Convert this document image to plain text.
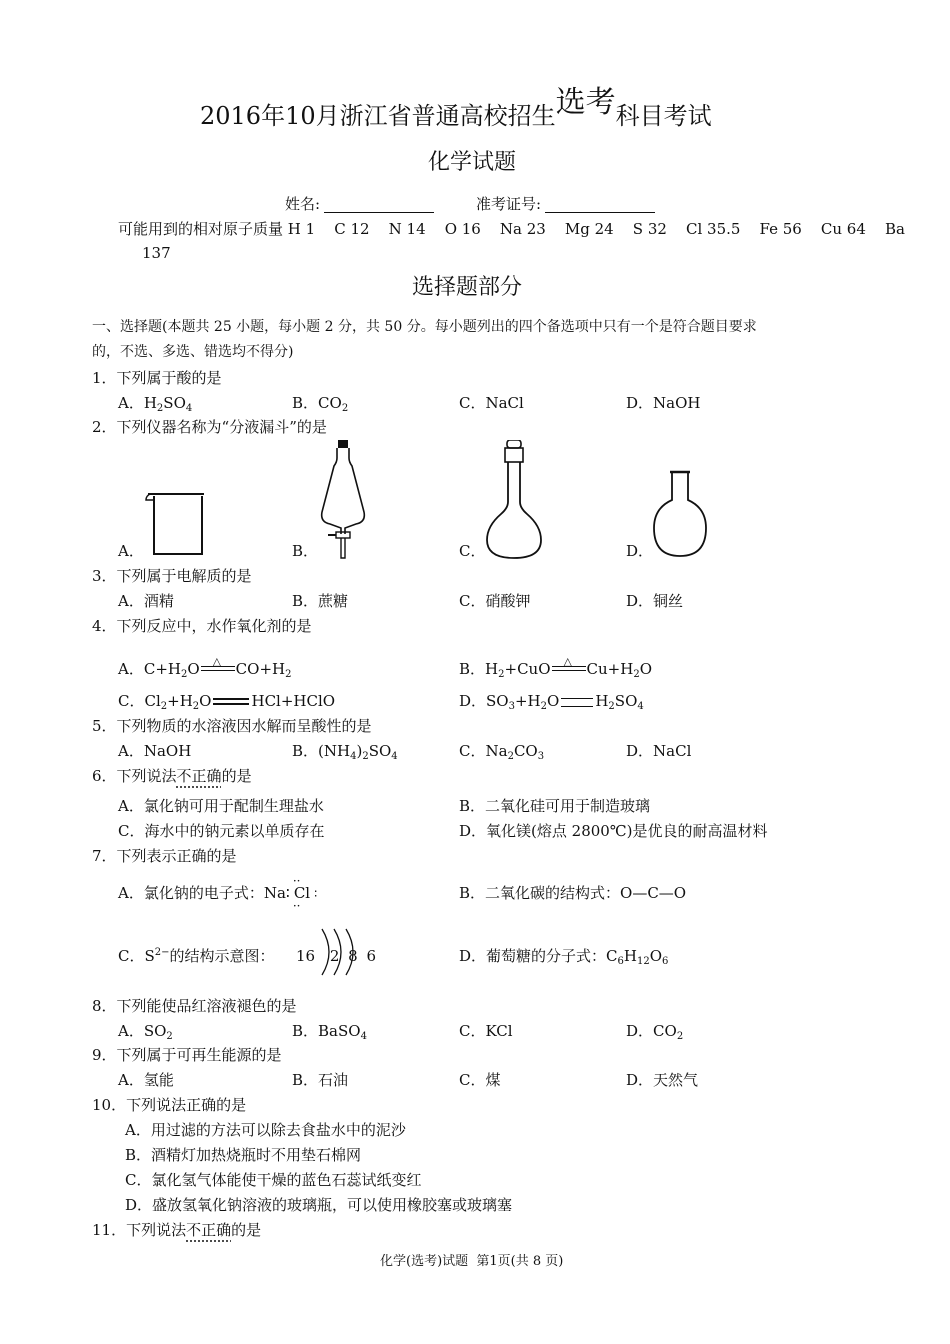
2016年10月浙江省普通高校招生选考科目考试
化学试题
姓名:	准考证号:
可能用到的相对原子质量 H 1    C 12    N 14    O 16    Na 23    Mg 24    S 32    Cl 35.5    Fe 56    Cu 64    Ba
137
选择题部分
一、选择题(本题共 25 小题，每小题 2 分，共 50 分。每小题列出的四个备选项中只有一个是符合题目要求
的，不选、多选、错选均不得分)
1．下列属于酸的是
A．$H_2SO_4$	B．$CO_2$	C．NaCl	D．NaOH
2．下列仪器名称为“分液漏斗”的是
A．	B．	C．	D．
3．下列属于电解质的是
A．酒精	B．蔗糖	C．硝酸钾	D．铜丝
4．下列反应中，水作氧化剂的是
A．$C+H_2O$ △ $CO+H_2$	B．$H_2+CuO$ △ $Cu+H_2O$
C．$Cl_2+H_2O$	HCl+HClO	D．$SO_3+H_2O$ $H_2SO_4$
5．下列物质的水溶液因水解而呈酸性的是
A．NaOH	B．$(NH_4)_2SO_4$	C．$Na_2CO_3$	D．NaCl
6．下列说法不正确的是
A．氯化钠可用于配制生理盐水	B．二氧化硅可用于制造玻璃
C．海水中的钠元素以单质存在	D．氧化镁(熔点 2800℃)是优良的耐高温材料
7．下列表示正确的是
A．氯化钠的电子式：Na∶
··
Cl
··
∶	B．二氧化碳的结构式：O—C—O
C．$S^{2-}$的结构示意图： 16 2 8 6	D．葡萄糖的分子式：$C_6H_{12}O_6$
8．下列能使品红溶液褪色的是
A．$SO_2$	B．BaSO$_4$	C．KCl	D．$CO_2$
9．下列属于可再生能源的是
A．氢能	B．石油	C．煤	D．天然气
10．下列说法正确的是
A．用过滤的方法可以除去食盐水中的泥沙
B．酒精灯加热烧瓶时不用垫石棉网
C．氯化氢气体能使干燥的蓝色石蕊试纸变红
D．盛放氢氧化钠溶液的玻璃瓶，可以使用橡胶塞或玻璃塞
11．下列说法不正确的是
化学(选考)试题  第1页(共 8 页)
